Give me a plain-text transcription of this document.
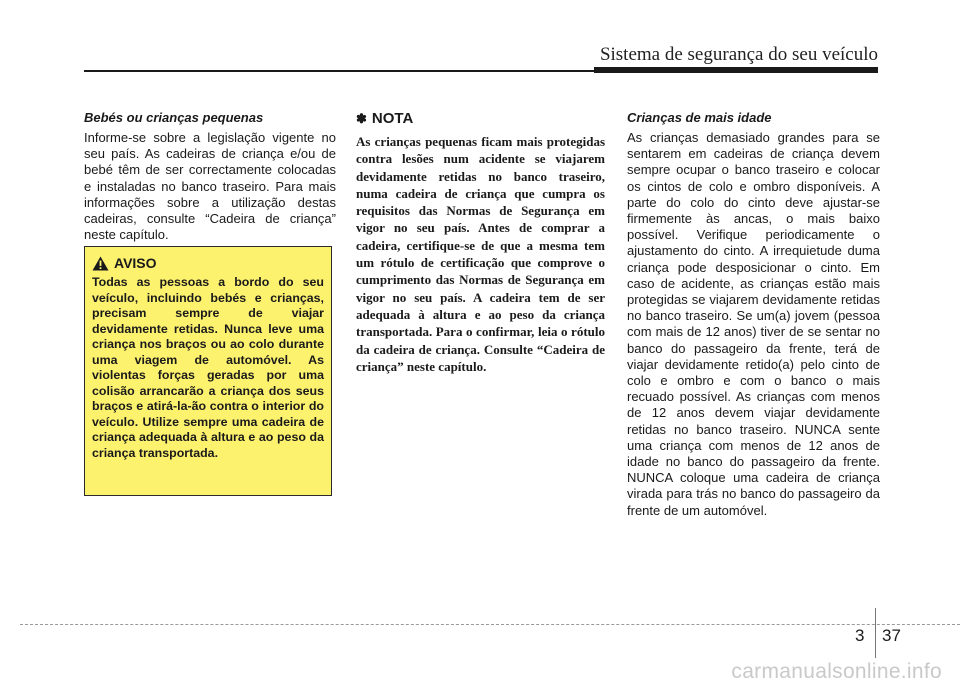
Sistema de segurança do seu veículo

Bebés ou crianças pequenas

Informe-se sobre a legislação vigente no seu país. As cadeiras de criança e/ou de bebé têm de ser correctamente colocadas e instaladas no banco traseiro. Para mais informações sobre a utilização destas cadeiras, consulte “Cadeira de criança” neste capítulo.

AVISO

Todas as pessoas a bordo do seu veículo, incluindo bebés e crianças, precisam sempre de viajar devidamente retidas. Nunca leve uma criança nos braços ou ao colo durante uma viagem de automóvel. As violentas forças geradas por uma colisão arrancarão a criança dos seus braços e atirá-la-ão contra o interior do veículo. Utilize sempre uma cadeira de criança adequada à altura e ao peso da criança transportada.

✽ NOTA

As crianças pequenas ficam mais protegidas contra lesões num acidente se viajarem devidamente retidas no banco traseiro, numa cadeira de criança que cumpra os requisitos das Normas de Segurança em vigor no seu país. Antes de comprar a cadeira, certifique-se de que a mesma tem um rótulo de certificação que comprove o cumprimento das Normas de Segurança em vigor no seu país. A cadeira tem de ser adequada à altura e ao peso da criança transportada. Para o confirmar, leia o rótulo da cadeira de criança. Consulte “Cadeira de criança” neste capítulo.

Crianças de mais idade

As crianças demasiado grandes para se sentarem em cadeiras de criança devem sempre ocupar o banco traseiro e colocar os cintos de colo e ombro disponíveis. A parte do colo do cinto deve ajustar-se firmemente às ancas, o mais baixo possível. Verifique periodicamente o ajustamento do cinto. A irrequietude duma criança pode desposicionar o cinto. Em caso de acidente, as crianças estão mais protegidas se viajarem devidamente retidas no banco traseiro. Se um(a) jovem (pessoa com mais de 12 anos) tiver de se sentar no banco do passageiro da frente, terá de viajar devidamente retido(a) pelo cinto de colo e ombro e com o banco o mais recuado possível. As crianças com menos de 12 anos devem viajar devidamente retidas no banco traseiro. NUNCA sente uma criança com menos de 12 anos de idade no banco do passageiro da frente. NUNCA coloque uma cadeira de criança virada para trás no banco do passageiro da frente de um automóvel.

3 37
carmanualsonline.info
